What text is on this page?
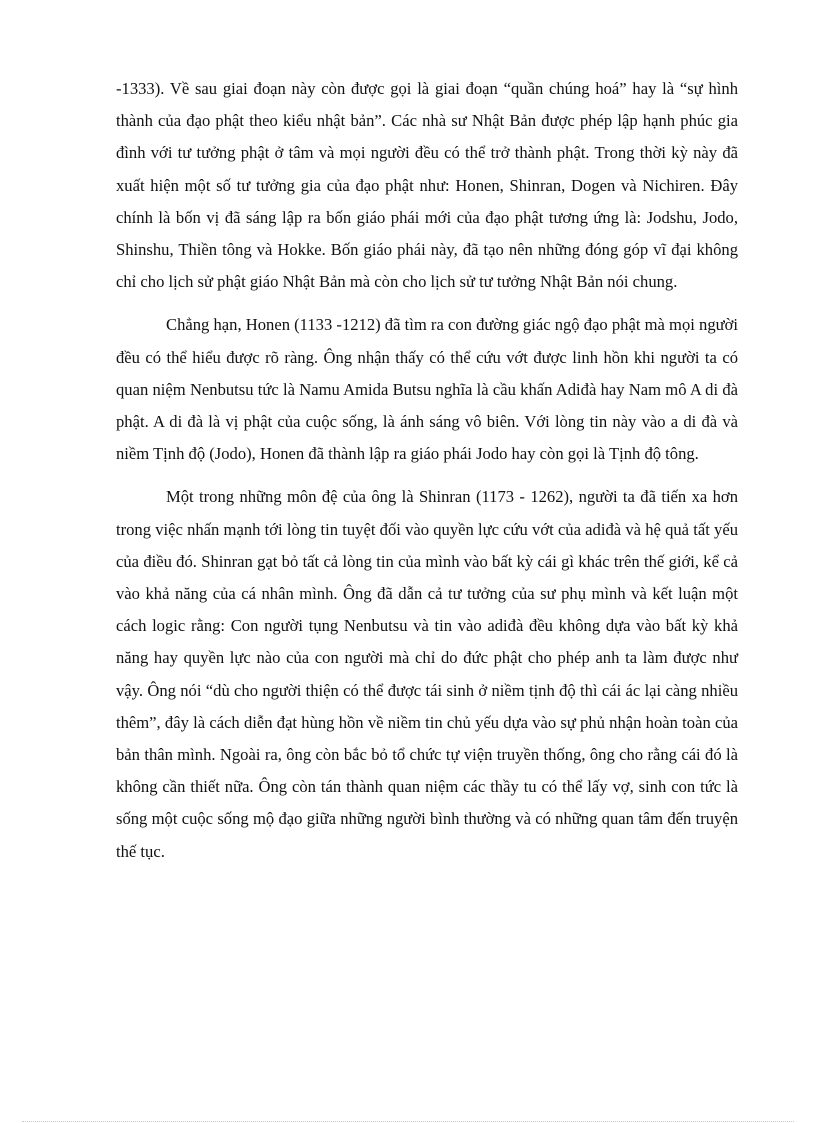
-1333). Về sau giai đoạn này còn được gọi là giai đoạn “quần chúng hoá” hay là “sự hình thành của đạo phật theo kiểu nhật bản”. Các nhà sư Nhật Bản được phép lập hạnh phúc gia đình với tư tưởng phật ở tâm và mọi người đều có thể trở thành phật. Trong thời kỳ này đã xuất hiện một số tư tưởng gia của đạo phật như: Honen, Shinran, Dogen và Nichiren. Đây chính là bốn vị đã sáng lập ra bốn giáo phái mới của đạo phật tương ứng là: Jodshu, Jodo, Shinshu, Thiền tông và Hokke. Bốn giáo phái này, đã tạo nên những đóng góp vĩ đại không chỉ cho lịch sử phật giáo Nhật Bản mà còn cho lịch sử tư tưởng Nhật Bản nói chung.

Chẳng hạn, Honen (1133 -1212) đã tìm ra con đường giác ngộ đạo phật mà mọi người đều có thể hiểu được rõ ràng. Ông nhận thấy có thể cứu vớt được linh hồn khi người ta có quan niệm Nenbutsu tức là Namu Amida Butsu nghĩa là cầu khấn Adiđà hay Nam mô A di đà phật. A di đà là vị phật của cuộc sống, là ánh sáng vô biên. Với lòng tin này vào a di đà và niềm Tịnh độ (Jodo), Honen đã thành lập ra giáo phái Jodo hay còn gọi là Tịnh độ tông.

Một trong những môn đệ của ông là Shinran (1173 - 1262), người ta đã tiến xa hơn trong việc nhấn mạnh tới lòng tin tuyệt đối vào quyền lực cứu vớt của adiđà và hệ quả tất yếu của điều đó. Shinran gạt bỏ tất cả lòng tin của mình vào bất kỳ cái gì khác trên thế giới, kể cả vào khả năng của cá nhân mình. Ông đã dẫn cả tư tưởng của sư phụ mình và kết luận một cách logic rằng: Con người tụng Nenbutsu và tin vào adiđà đều không dựa vào bất kỳ khả năng hay quyền lực nào của con người mà chỉ do đức phật cho phép anh ta làm được như vậy. Ông nói “dù cho người thiện có thể được tái sinh ở niềm tịnh độ thì cái ác lại càng nhiều thêm”, đây là cách diễn đạt hùng hồn về niềm tin chủ yếu dựa vào sự phủ nhận hoàn toàn của bản thân mình. Ngoài ra, ông còn bắc bỏ tổ chức tự viện truyền thống, ông cho rằng cái đó là không cần thiết nữa. Ông còn tán thành quan niệm các thầy tu có thể lấy vợ, sinh con tức là sống một cuộc sống mộ đạo giữa những người bình thường và có những quan tâm đến truyện thế tục.
